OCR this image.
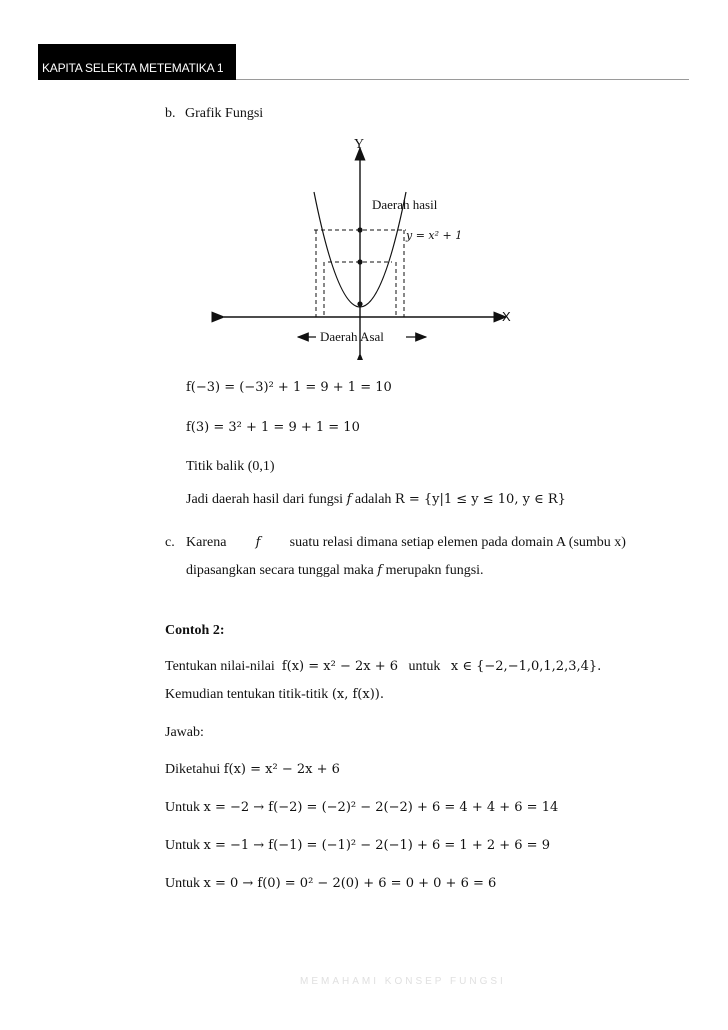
KAPITA SELEKTA METEMATIKA 1
b. Grafik Fungsi
Y
X
Daerah hasil
y = x² + 1
Daerah Asal
f(−3) = (−3)² + 1 = 9 + 1 = 10
f(3) = 3² + 1 = 9 + 1 = 10
Titik balik (0,1)
Jadi daerah hasil dari fungsi f adalah R = {y|1 ≤ y ≤ 10, y ∈ R}
c. Karena f suatu relasi dimana setiap elemen pada domain A (sumbu x)
dipasangkan secara tunggal maka f merupakn fungsi.
Contoh 2:
Tentukan nilai-nilai f(x) = x² − 2x + 6 untuk x ∈ {−2,−1,0,1,2,3,4}.
Kemudian tentukan titik-titik (x, f(x)).
Jawab:
Diketahui f(x) = x² − 2x + 6
Untuk x = −2 → f(−2) = (−2)² − 2(−2) + 6 = 4 + 4 + 6 = 14
Untuk x = −1 → f(−1) = (−1)² − 2(−1) + 6 = 1 + 2 + 6 = 9
Untuk x = 0 → f(0) = 0² − 2(0) + 6 = 0 + 0 + 6 = 6
MEMAHAMI KONSEP FUNGSI
